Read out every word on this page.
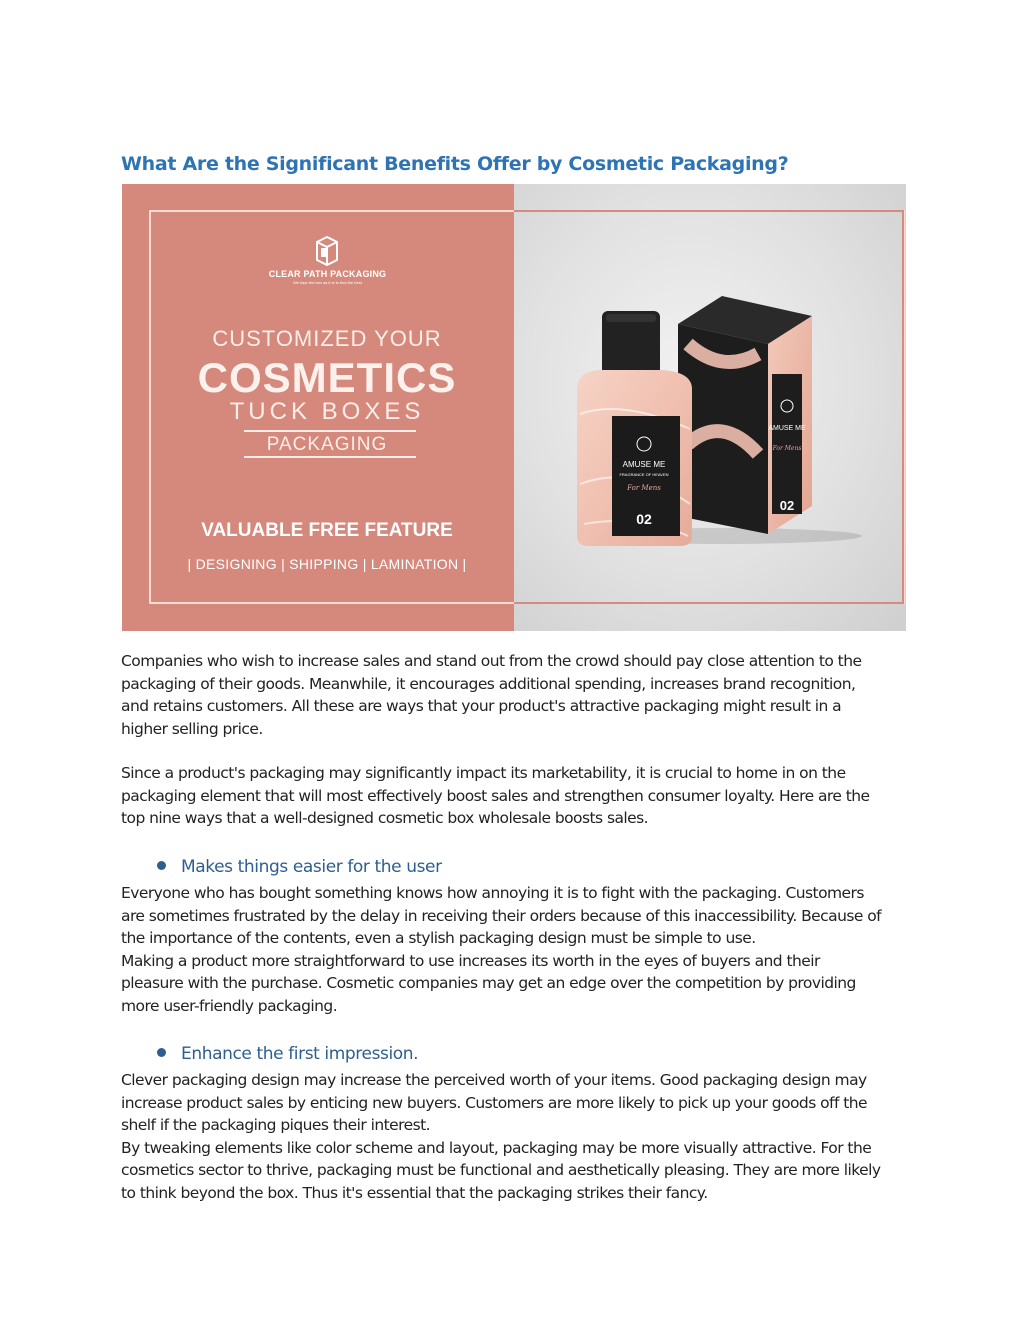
What Are the Significant Benefits Offer by Cosmetic Packaging?
CLEAR PATH PACKAGING
We face the box as it is to find the best
CUSTOMIZED YOUR
COSMETICS
TUCK BOXES
PACKAGING
VALUABLE FREE FEATURE
| DESIGNING | SHIPPING | LAMINATION |
AMUSE ME
FRAGRANCE OF HEAVEN
For Mens
02
AMUSE ME
For Mens
02

Companies who wish to increase sales and stand out from the crowd should pay close attention to the
packaging of their goods. Meanwhile, it encourages additional spending, increases brand recognition,
and retains customers. All these are ways that your product's attractive packaging might result in a
higher selling price.

Since a product's packaging may significantly impact its marketability, it is crucial to home in on the
packaging element that will most effectively boost sales and strengthen consumer loyalty. Here are the
top nine ways that a well-designed cosmetic box wholesale boosts sales.

Makes things easier for the user

Everyone who has bought something knows how annoying it is to fight with the packaging. Customers
are sometimes frustrated by the delay in receiving their orders because of this inaccessibility. Because of
the importance of the contents, even a stylish packaging design must be simple to use.
Making a product more straightforward to use increases its worth in the eyes of buyers and their
pleasure with the purchase. Cosmetic companies may get an edge over the competition by providing
more user-friendly packaging.

Enhance the first impression.

Clever packaging design may increase the perceived worth of your items. Good packaging design may
increase product sales by enticing new buyers. Customers are more likely to pick up your goods off the
shelf if the packaging piques their interest.
By tweaking elements like color scheme and layout, packaging may be more visually attractive. For the
cosmetics sector to thrive, packaging must be functional and aesthetically pleasing. They are more likely
to think beyond the box. Thus it's essential that the packaging strikes their fancy.
